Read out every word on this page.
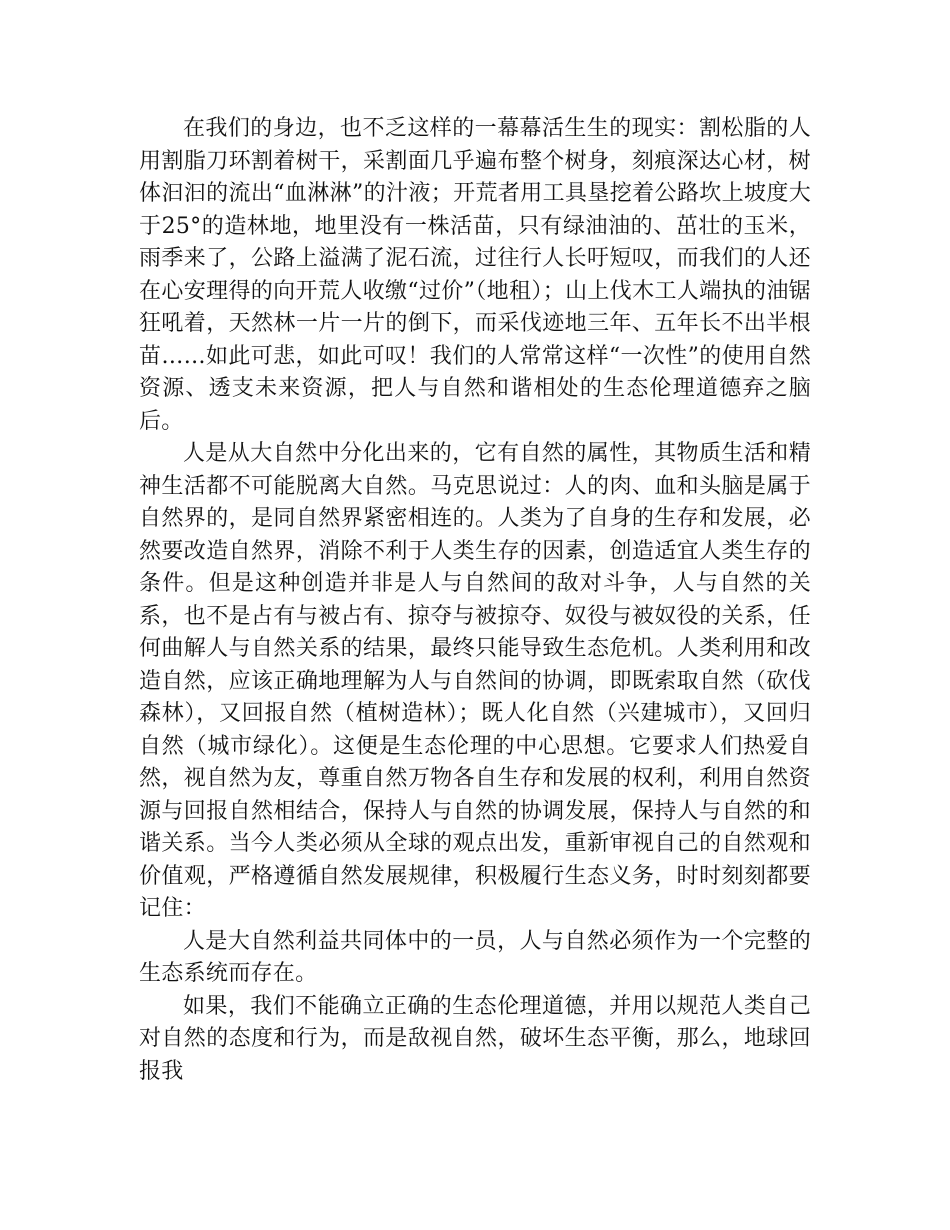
在我们的身边，也不乏这样的一幕幕活生生的现实：割松脂的人用割脂刀环割着树干，采割面几乎遍布整个树身，刻痕深达心材，树体汩汩的流出“血淋淋”的汁液；开荒者用工具垦挖着公路坎上坡度大于25°的造林地，地里没有一株活苗，只有绿油油的、茁壮的玉米，雨季来了，公路上溢满了泥石流，过往行人长吁短叹，而我们的人还在心安理得的向开荒人收缴“过价”（地租）；山上伐木工人端执的油锯狂吼着，天然林一片一片的倒下，而采伐迹地三年、五年长不出半根苗……如此可悲，如此可叹！我们的人常常这样“一次性”的使用自然资源、透支未来资源，把人与自然和谐相处的生态伦理道德弃之脑后。

人是从大自然中分化出来的，它有自然的属性，其物质生活和精神生活都不可能脱离大自然。马克思说过：人的肉、血和头脑是属于自然界的，是同自然界紧密相连的。人类为了自身的生存和发展，必然要改造自然界，消除不利于人类生存的因素，创造适宜人类生存的条件。但是这种创造并非是人与自然间的敌对斗争，人与自然的关系，也不是占有与被占有、掠夺与被掠夺、奴役与被奴役的关系，任何曲解人与自然关系的结果，最终只能导致生态危机。人类利用和改造自然，应该正确地理解为人与自然间的协调，即既索取自然（砍伐森林），又回报自然（植树造林）；既人化自然（兴建城市），又回归自然（城市绿化）。这便是生态伦理的中心思想。它要求人们热爱自然，视自然为友，尊重自然万物各自生存和发展的权利，利用自然资源与回报自然相结合，保持人与自然的协调发展，保持人与自然的和谐关系。当今人类必须从全球的观点出发，重新审视自己的自然观和价值观，严格遵循自然发展规律，积极履行生态义务，时时刻刻都要记住：

人是大自然利益共同体中的一员，人与自然必须作为一个完整的生态系统而存在。

如果，我们不能确立正确的生态伦理道德，并用以规范人类自己对自然的态度和行为，而是敌视自然，破坏生态平衡，那么，地球回报我
